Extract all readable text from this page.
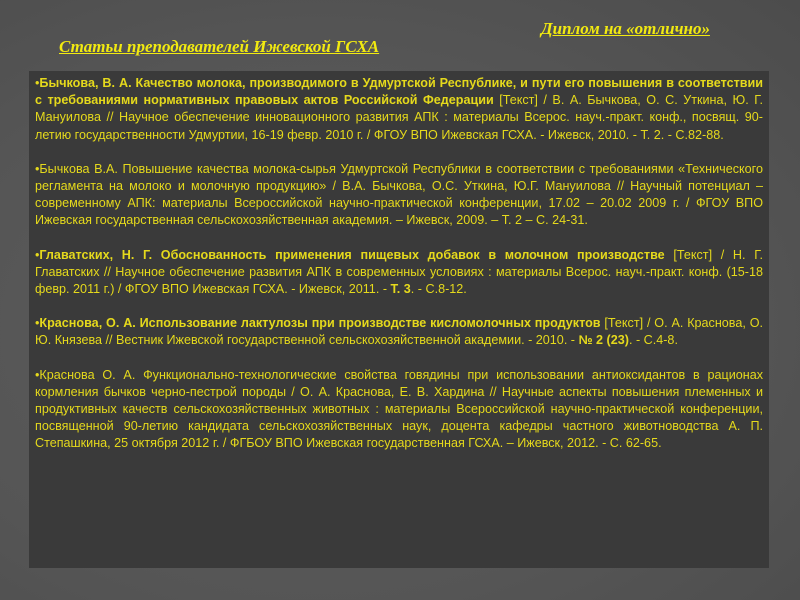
Диплом на «отлично»
Статьи преподавателей Ижевской ГСХА

•Бычкова, В. А. Качество молока, производимого в Удмуртской Республике, и пути его повышения в соответствии с требованиями нормативных правовых актов Российской Федерации [Текст] / В. А. Бычкова, О. С. Уткина, Ю. Г. Мануилова // Научное обеспечение инновационного развития АПК : материалы Всерос. науч.-практ. конф., посвящ. 90-летию государственности Удмуртии, 16-19 февр. 2010 г. / ФГОУ ВПО Ижевская ГСХА. - Ижевск, 2010. - Т. 2. - С.82-88.

•Бычкова В.А. Повышение качества молока-сырья Удмуртской Республики в соответствии с требованиями «Технического регламента на молоко и молочную продукцию» / В.А. Бычкова, О.С. Уткина, Ю.Г. Мануилова // Научный потенциал – современному АПК: материалы Всероссийской научно-практической конференции, 17.02 – 20.02 2009 г. / ФГОУ ВПО Ижевская государственная сельскохозяйственная академия. – Ижевск, 2009. – Т. 2 – С. 24-31.

•Главатских, Н. Г. Обоснованность применения пищевых добавок в молочном производстве [Текст] / Н. Г. Главатских // Научное обеспечение развития АПК в современных условиях : материалы Всерос. науч.-практ. конф. (15-18 февр. 2011 г.) / ФГОУ ВПО Ижевская ГСХА. - Ижевск, 2011. - Т. 3. - С.8-12.

•Краснова, О. А. Использование лактулозы при производстве кисломолочных продуктов [Текст] / О. А. Краснова, О. Ю. Князева // Вестник Ижевской государственной сельскохозяйственной академии. - 2010. - № 2 (23). - С.4-8.

•Краснова О. А. Функционально-технологические свойства говядины при использовании антиоксидантов в рационах кормления бычков черно-пестрой породы / О. А. Краснова, Е. В. Хардина // Научные аспекты повышения племенных и продуктивных качеств сельскохозяйственных животных : материалы Всероссийской научно-практической конференции, посвященной 90-летию кандидата сельскохозяйственных наук, доцента кафедры частного животноводства А. П. Степашкина, 25 октября 2012 г. / ФГБОУ ВПО Ижевская государственная ГСХА. – Ижевск, 2012. - С. 62-65.
